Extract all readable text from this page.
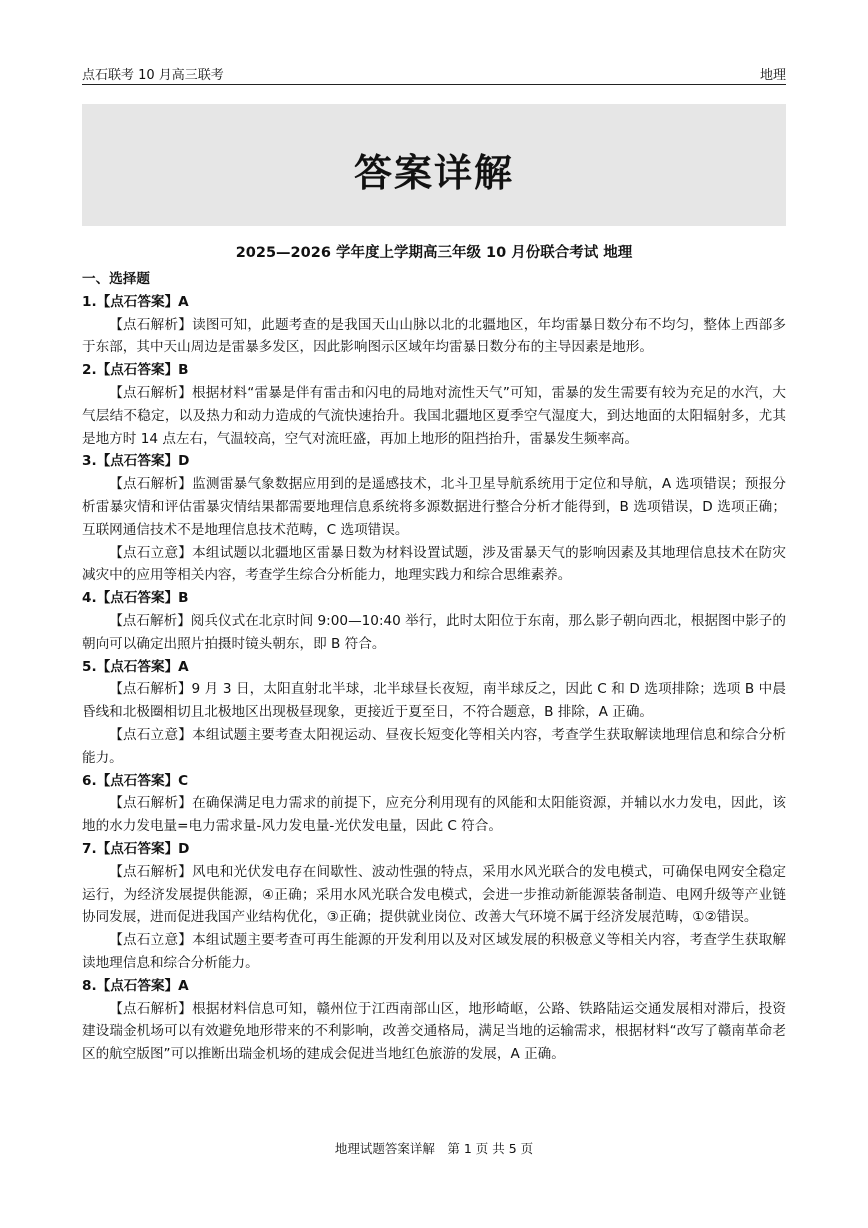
点石联考 10 月高三联考	地理
答案详解
2025—2026 学年度上学期高三年级 10 月份联合考试 地理

一、选择题

1.【点石答案】A

【点石解析】读图可知，此题考查的是我国天山山脉以北的北疆地区，年均雷暴日数分布不均匀，整体上西部多于东部，其中天山周边是雷暴多发区，因此影响图示区域年均雷暴日数分布的主导因素是地形。

2.【点石答案】B

【点石解析】根据材料“雷暴是伴有雷击和闪电的局地对流性天气”可知，雷暴的发生需要有较为充足的水汽，大气层结不稳定，以及热力和动力造成的气流快速抬升。我国北疆地区夏季空气湿度大，到达地面的太阳辐射多，尤其是地方时 14 点左右，气温较高，空气对流旺盛，再加上地形的阻挡抬升，雷暴发生频率高。

3.【点石答案】D

【点石解析】监测雷暴气象数据应用到的是遥感技术，北斗卫星导航系统用于定位和导航，A 选项错误；预报分析雷暴灾情和评估雷暴灾情结果都需要地理信息系统将多源数据进行整合分析才能得到，B 选项错误，D 选项正确；互联网通信技术不是地理信息技术范畴，C 选项错误。

【点石立意】本组试题以北疆地区雷暴日数为材料设置试题，涉及雷暴天气的影响因素及其地理信息技术在防灾减灾中的应用等相关内容，考查学生综合分析能力，地理实践力和综合思维素养。

4.【点石答案】B

【点石解析】阅兵仪式在北京时间 9:00—10:40 举行，此时太阳位于东南，那么影子朝向西北，根据图中影子的朝向可以确定出照片拍摄时镜头朝东，即 B 符合。

5.【点石答案】A

【点石解析】9 月 3 日，太阳直射北半球，北半球昼长夜短，南半球反之，因此 C 和 D 选项排除；选项 B 中晨昏线和北极圈相切且北极地区出现极昼现象，更接近于夏至日，不符合题意，B 排除，A 正确。

【点石立意】本组试题主要考查太阳视运动、昼夜长短变化等相关内容，考查学生获取解读地理信息和综合分析能力。

6.【点石答案】C

【点石解析】在确保满足电力需求的前提下，应充分利用现有的风能和太阳能资源，并辅以水力发电，因此，该地的水力发电量=电力需求量-风力发电量-光伏发电量，因此 C 符合。

7.【点石答案】D

【点石解析】风电和光伏发电存在间歇性、波动性强的特点，采用水风光联合的发电模式，可确保电网安全稳定运行，为经济发展提供能源，④正确；采用水风光联合发电模式，会进一步推动新能源装备制造、电网升级等产业链协同发展，进而促进我国产业结构优化，③正确；提供就业岗位、改善大气环境不属于经济发展范畴，①②错误。

【点石立意】本组试题主要考查可再生能源的开发利用以及对区域发展的积极意义等相关内容，考查学生获取解读地理信息和综合分析能力。

8.【点石答案】A

【点石解析】根据材料信息可知，赣州位于江西南部山区，地形崎岖，公路、铁路陆运交通发展相对滞后，投资建设瑞金机场可以有效避免地形带来的不利影响，改善交通格局，满足当地的运输需求，根据材料“改写了赣南革命老区的航空版图”可以推断出瑞金机场的建成会促进当地红色旅游的发展，A 正确。

地理试题答案详解　第 1 页 共 5 页
